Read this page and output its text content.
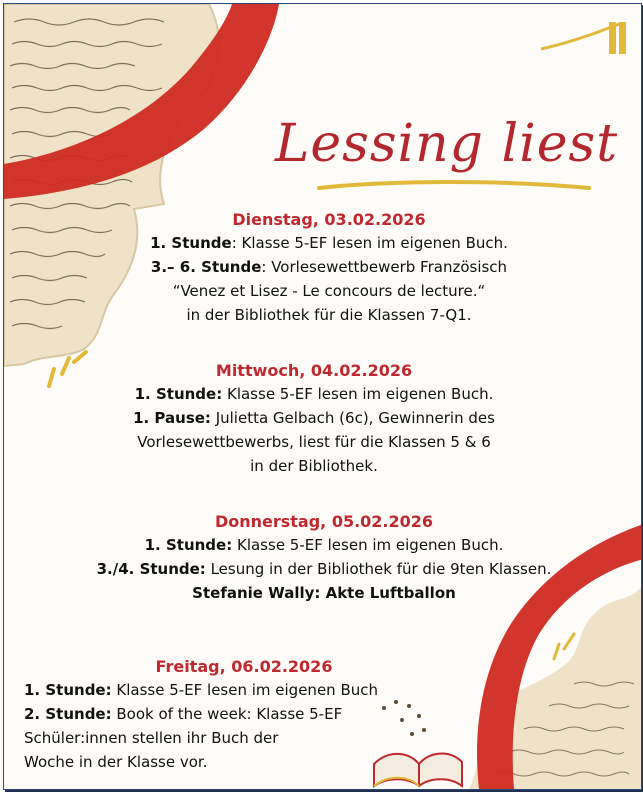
Lessing liest
Dienstag, 03.02.2026
1. Stunde: Klasse 5-EF lesen im eigenen Buch.
3.– 6. Stunde: Vorlesewettbewerb Französisch
“Venez et Lisez - Le concours de lecture.“
in der Bibliothek für die Klassen 7-Q1.
Mittwoch, 04.02.2026
1. Stunde: Klasse 5-EF lesen im eigenen Buch.
1. Pause: Julietta Gelbach (6c), Gewinnerin des
Vorlesewettbewerbs, liest für die Klassen 5 & 6
in der Bibliothek.
Donnerstag, 05.02.2026
1. Stunde: Klasse 5-EF lesen im eigenen Buch.
3./4. Stunde: Lesung in der Bibliothek für die 9ten Klassen.
Stefanie Wally: Akte Luftballon
Freitag, 06.02.2026
1. Stunde: Klasse 5-EF lesen im eigenen Buch
2. Stunde: Book of the week: Klasse 5-EF
Schüler:innen stellen ihr Buch der
Woche in der Klasse vor.
